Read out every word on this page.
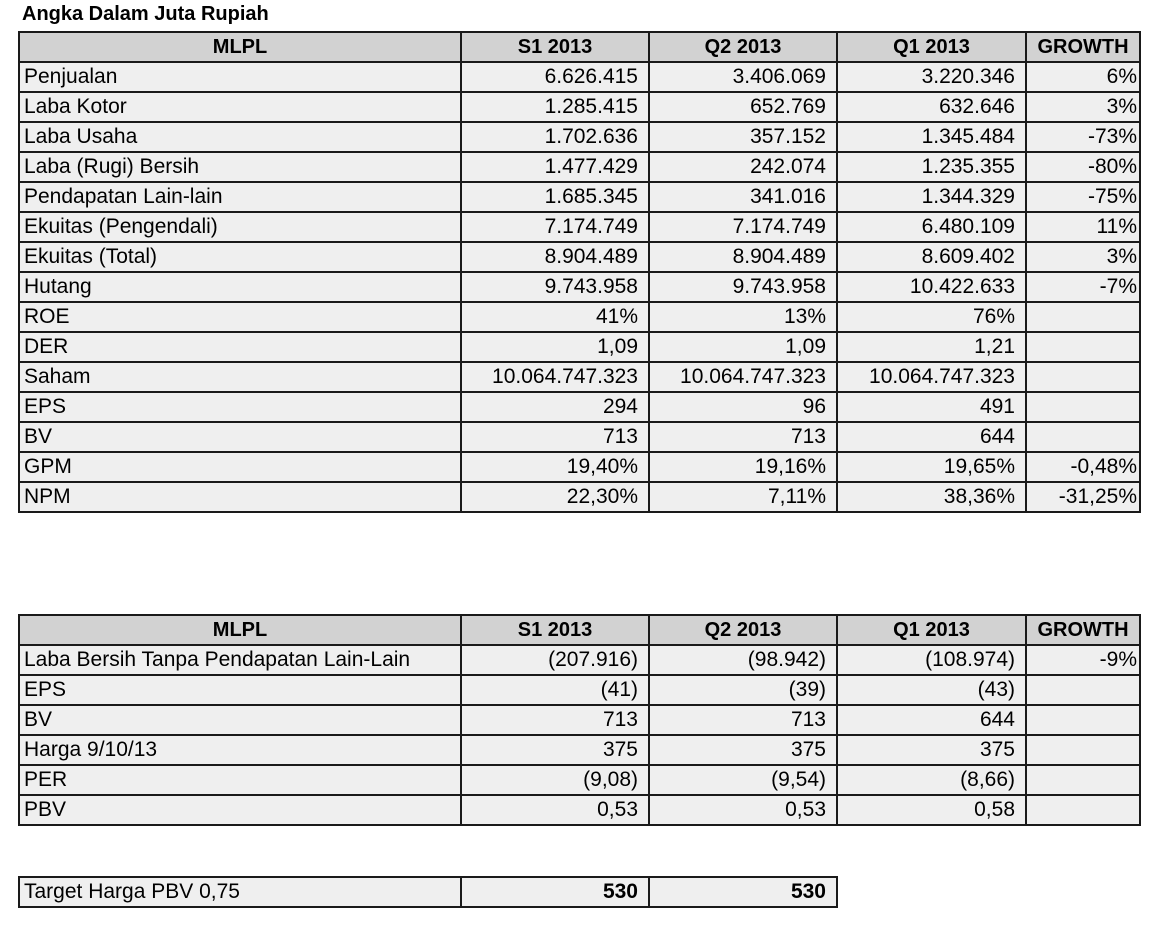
Angka Dalam Juta Rupiah
MLPL	S1 2013	Q2 2013	Q1 2013	GROWTH
Penjualan	6.626.415	3.406.069	3.220.346	6%
Laba Kotor	1.285.415	652.769	632.646	3%
Laba Usaha	1.702.636	357.152	1.345.484	-73%
Laba (Rugi) Bersih	1.477.429	242.074	1.235.355	-80%
Pendapatan Lain-lain	1.685.345	341.016	1.344.329	-75%
Ekuitas (Pengendali)	7.174.749	7.174.749	6.480.109	11%
Ekuitas (Total)	8.904.489	8.904.489	8.609.402	3%
Hutang	9.743.958	9.743.958	10.422.633	-7%
ROE	41%	13%	76%	
DER	1,09	1,09	1,21	
Saham	10.064.747.323	10.064.747.323	10.064.747.323	
EPS	294	96	491	
BV	713	713	644	
GPM	19,40%	19,16%	19,65%	-0,48%
NPM	22,30%	7,11%	38,36%	-31,25%
MLPL	S1 2013	Q2 2013	Q1 2013	GROWTH
Laba Bersih Tanpa Pendapatan Lain-Lain	(207.916)	(98.942)	(108.974)	-9%
EPS	(41)	(39)	(43)	
BV	713	713	644	
Harga 9/10/13	375	375	375	
PER	(9,08)	(9,54)	(8,66)	
PBV	0,53	0,53	0,58	
Target Harga PBV 0,75	530	530
